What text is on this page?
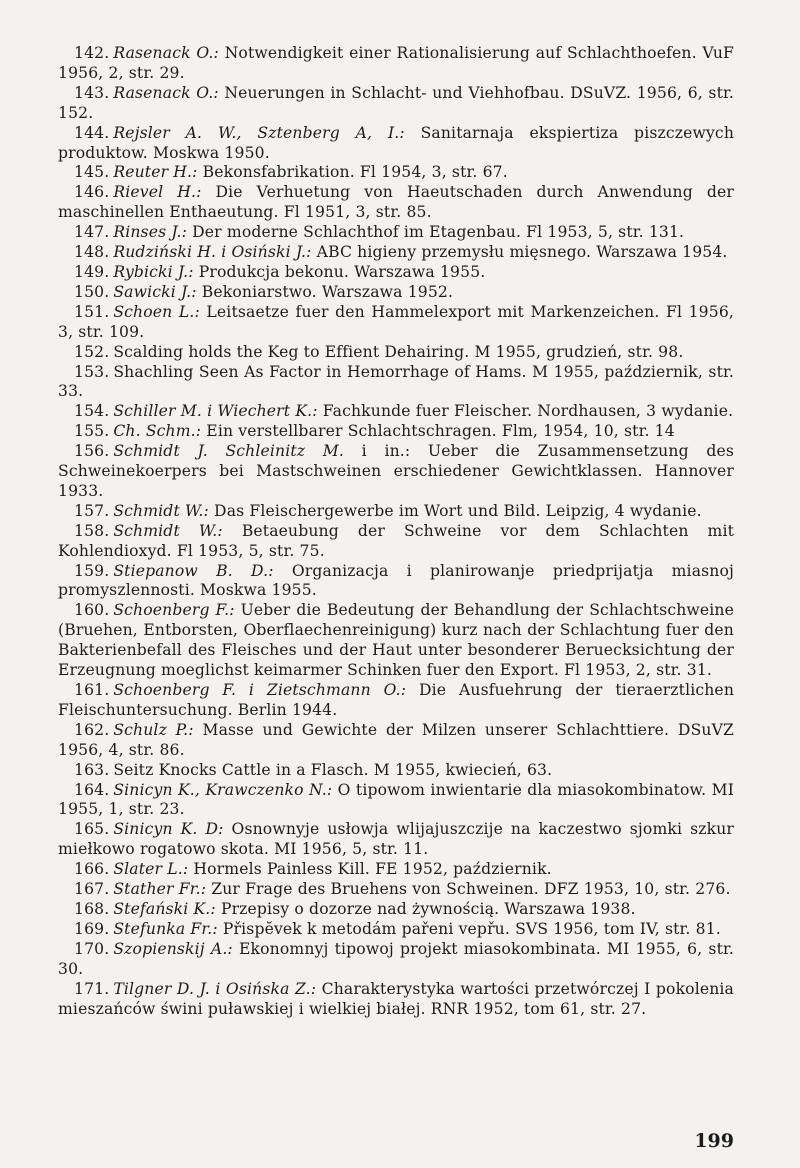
142. Rasenack O.: Notwendigkeit einer Rationalisierung auf Schlachthoefen. VuF 1956, 2, str. 29.
143. Rasenack O.: Neuerungen in Schlacht- und Viehhofbau. DSuVZ. 1956, 6, str. 152.
144. Rejsler A. W., Sztenberg A, I.: Sanitarnaja ekspiertiza piszczewych produktow. Moskwa 1950.
145. Reuter H.: Bekonsfabrikation. Fl 1954, 3, str. 67.
146. Rievel H.: Die Verhuetung von Haeutschaden durch Anwendung der maschinellen Enthaeutung. Fl 1951, 3, str. 85.
147. Rinses J.: Der moderne Schlachthof im Etagenbau. Fl 1953, 5, str. 131.
148. Rudziński H. i Osiński J.: ABC higieny przemysłu mięsnego. Warszawa 1954.
149. Rybicki J.: Produkcja bekonu. Warszawa 1955.
150. Sawicki J.: Bekoniarstwo. Warszawa 1952.
151. Schoen L.: Leitsaetze fuer den Hammelexport mit Markenzeichen. Fl 1956, 3, str. 109.
152. Scalding holds the Keg to Effient Dehairing. M 1955, grudzień, str. 98.
153. Shachling Seen As Factor in Hemorrhage of Hams. M 1955, październik, str. 33.
154. Schiller M. i Wiechert K.: Fachkunde fuer Fleischer. Nordhausen, 3 wydanie.
155. Ch. Schm.: Ein verstellbarer Schlachtschragen. Flm, 1954, 10, str. 14
156. Schmidt J. Schleinitz M. i in.: Ueber die Zusammensetzung des Schweinekoerpers bei Mastschweinen erschiedener Gewichtklassen. Hannover 1933.
157. Schmidt W.: Das Fleischergewerbe im Wort und Bild. Leipzig, 4 wydanie.
158. Schmidt W.: Betaeubung der Schweine vor dem Schlachten mit Kohlendioxyd. Fl 1953, 5, str. 75.
159. Stiepanow B. D.: Organizacja i planirowanje priedprijatja miasnoj promyszlennosti. Moskwa 1955.
160. Schoenberg F.: Ueber die Bedeutung der Behandlung der Schlachtschweine (Bruehen, Entborsten, Oberflaechenreinigung) kurz nach der Schlachtung fuer den Bakterienbefall des Fleisches und der Haut unter besonderer Beruecksichtung der Erzeugnung moeglichst keimarmer Schinken fuer den Export. Fl 1953, 2, str. 31.
161. Schoenberg F. i Zietschmann O.: Die Ausfuehrung der tieraerztlichen Fleischuntersuchung. Berlin 1944.
162. Schulz P.: Masse und Gewichte der Milzen unserer Schlachttiere. DSuVZ 1956, 4, str. 86.
163. Seitz Knocks Cattle in a Flasch. M 1955, kwiecień, 63.
164. Sinicyn K., Krawczenko N.: O tipowom inwientarie dla miasokombinatow. MI 1955, 1, str. 23.
165. Sinicyn K. D: Osnownyje usłowja wlijajuszczije na kaczestwo sjomki szkur miełkowo rogatowo skota. MI 1956, 5, str. 11.
166. Slater L.: Hormels Painless Kill. FE 1952, październik.
167. Stather Fr.: Zur Frage des Bruehens von Schweinen. DFZ 1953, 10, str. 276.
168. Stefański K.: Przepisy o dozorze nad żywnością. Warszawa 1938.
169. Stefunka Fr.: Přispĕvek k metodám pařeni vepřu. SVS 1956, tom IV, str. 81.
170. Szopienskij A.: Ekonomnyj tipowoj projekt miasokombinata. MI 1955, 6, str. 30.
171. Tilgner D. J. i Osińska Z.: Charakterystyka wartości przetwórczej I pokolenia mieszańców świni puławskiej i wielkiej białej. RNR 1952, tom 61, str. 27.
199
